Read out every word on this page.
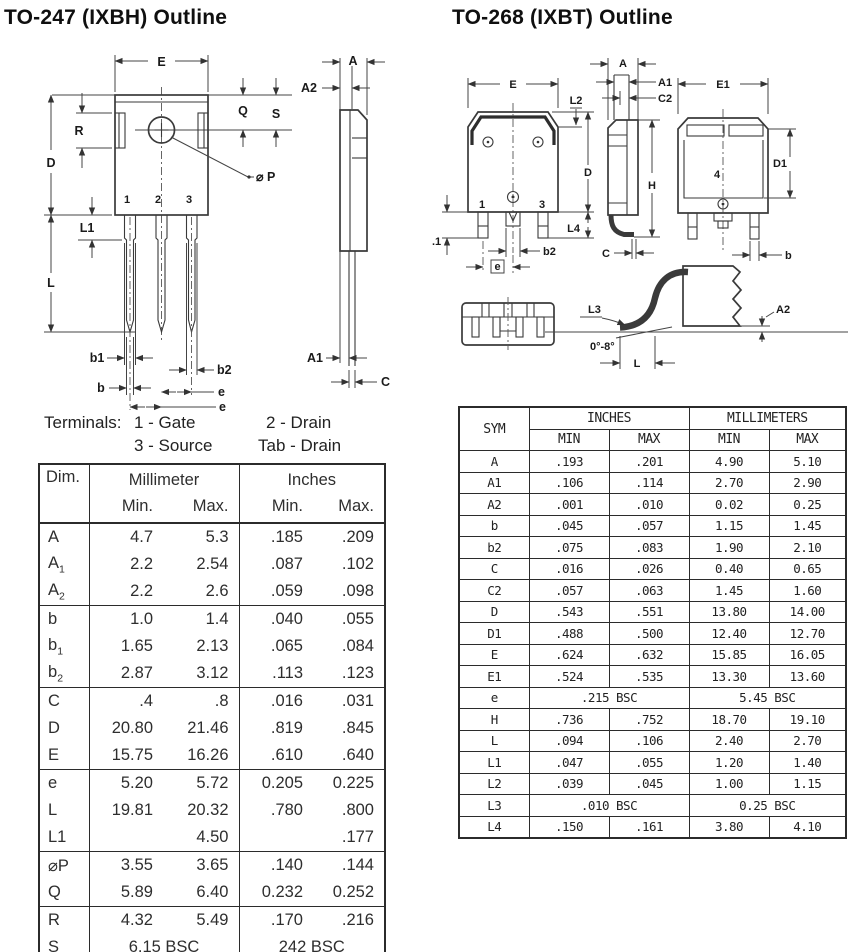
TO-247 (IXBH) Outline	TO-268 (IXBT) Outline
1 2 3
E
D
R
L1
L
Q S
⌀ P
b1
b
b2
e
e
A
A2
A1
C
1	3
E
L2
D
L4
.1
b2
e
A
A1
C2
H
C
4
E1
D1
b
L3
0°-8°
L
A2
Terminals: 1 - Gate	2 - Drain
3 - Source	Tab - Drain
Dim.	Millimeter		Inches	
	Min.	Max.	Min.	Max.
A	4.7	5.3	.185	.209
$A_1$	2.2	2.54	.087	.102
$A_2$	2.2	2.6	.059	.098
b	1.0	1.4	.040	.055
$b_1$	1.65	2.13	.065	.084
$b_2$	2.87	3.12	.113	.123
C	.4	.8	.016	.031
D	20.80	21.46	.819	.845
E	15.75	16.26	.610	.640
e	5.20	5.72	0.205	0.225
L	19.81	20.32	.780	.800
L1		4.50		.177
⌀P	3.55	3.65	.140	.144
Q	5.89	6.40	0.232	0.252
R	4.32	5.49	.170	.216
S	6.15 BSC		242 BSC	
SYM	INCHES		MILLIMETERS	
	MIN	MAX	MIN	MAX
A	.193	.201	4.90	5.10
A1	.106	.114	2.70	2.90
A2	.001	.010	0.02	0.25
b	.045	.057	1.15	1.45
b2	.075	.083	1.90	2.10
C	.016	.026	0.40	0.65
C2	.057	.063	1.45	1.60
D	.543	.551	13.80	14.00
D1	.488	.500	12.40	12.70
E	.624	.632	15.85	16.05
E1	.524	.535	13.30	13.60
e	.215 BSC		5.45 BSC	
H	.736	.752	18.70	19.10
L	.094	.106	2.40	2.70
L1	.047	.055	1.20	1.40
L2	.039	.045	1.00	1.15
L3	.010 BSC		0.25 BSC	
L4	.150	.161	3.80	4.10
